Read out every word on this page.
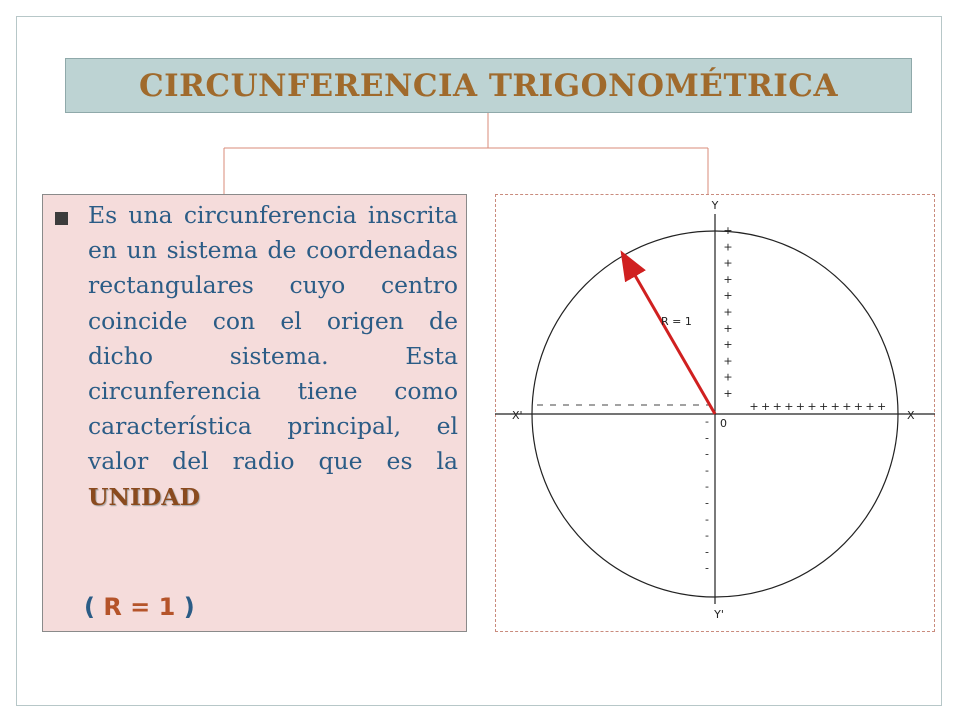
CIRCUNFERENCIA TRIGONOMÉTRICA

Es una circunferencia inscrita en un sistema de coordenadas rectangulares cuyo centro coincide con el origen de dicho sistema. Esta circunferencia tiene como característica principal, el valor del radio que es la UNIDAD

( R = 1 )
+
+
+
+
+
+
+
+
+
+
+
+ + + + + + + + + + + +
-
-
-
-
-
-
-
-
-
-
Y
Y'
X
X'
0
R = 1
